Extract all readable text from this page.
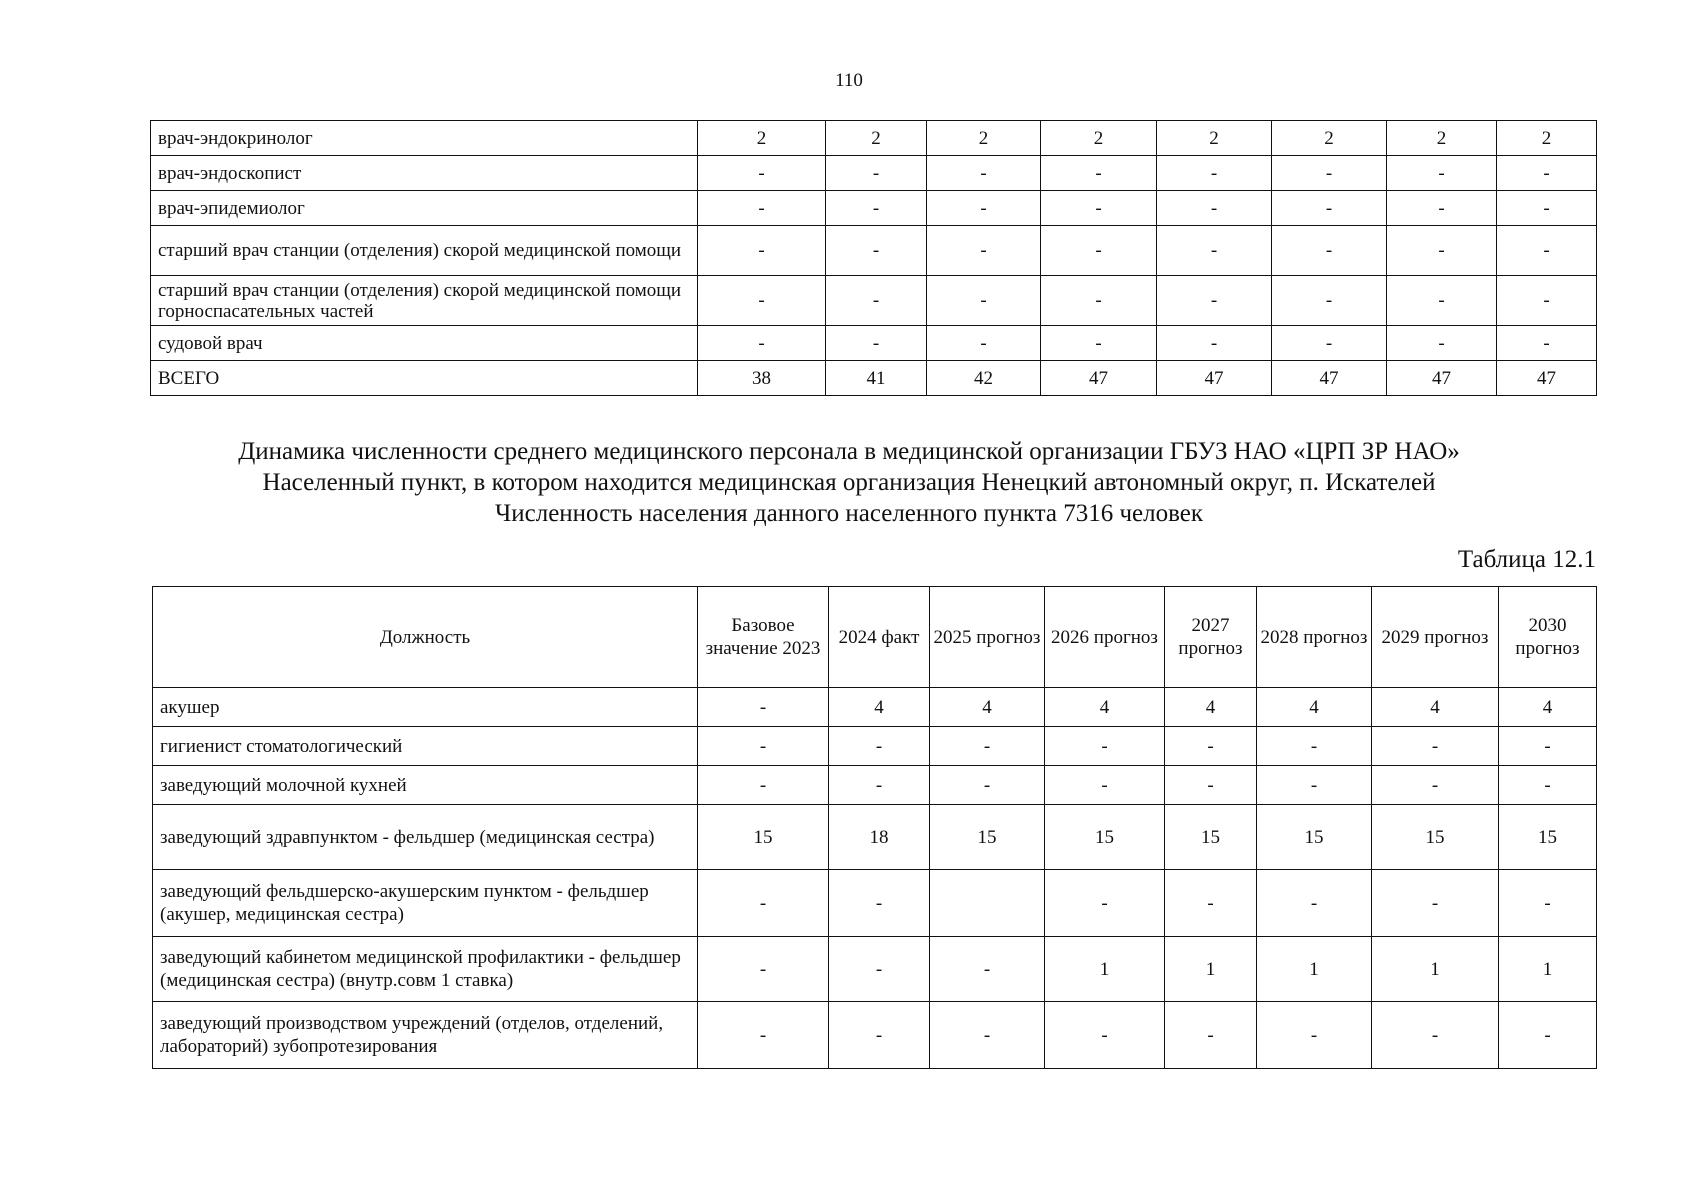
110
врач-эндокринолог	2	2	2	2	2	2	2	2
врач-эндоскопист	-	-	-	-	-	-	-	-
врач-эпидемиолог	-	-	-	-	-	-	-	-
старший врач станции (отделения) скорой медицинской помощи	-	-	-	-	-	-	-	-
старший врач станции (отделения) скорой медицинской помощи горноспасательных частей	-	-	-	-	-	-	-	-
судовой врач	-	-	-	-	-	-	-	-
ВСЕГО	38	41	42	47	47	47	47	47
Динамика численности среднего медицинского персонала в медицинской организации ГБУЗ НАО «ЦРП ЗР НАО»
Населенный пункт, в котором находится медицинская организация Ненецкий автономный округ, п. Искателей
Численность населения данного населенного пункта 7316 человек
Таблица 12.1
Должность	Базовое значение 2023	2024 факт	2025 прогноз	2026 прогноз	2027 прогноз	2028 прогноз	2029 прогноз	2030 прогноз
акушер	-	4	4	4	4	4	4	4
гигиенист стоматологический	-	-	-	-	-	-	-	-
заведующий молочной кухней	-	-	-	-	-	-	-	-
заведующий здравпунктом - фельдшер (медицинская сестра)	15	18	15	15	15	15	15	15
заведующий фельдшерско-акушерским пунктом - фельдшер (акушер, медицинская сестра)	-	-		-	-	-	-	-
заведующий кабинетом медицинской профилактики - фельдшер (медицинская сестра) (внутр.совм 1 ставка)	-	-	-	1	1	1	1	1
заведующий производством учреждений (отделов, отделений, лабораторий) зубопротезирования	-	-	-	-	-	-	-	-
